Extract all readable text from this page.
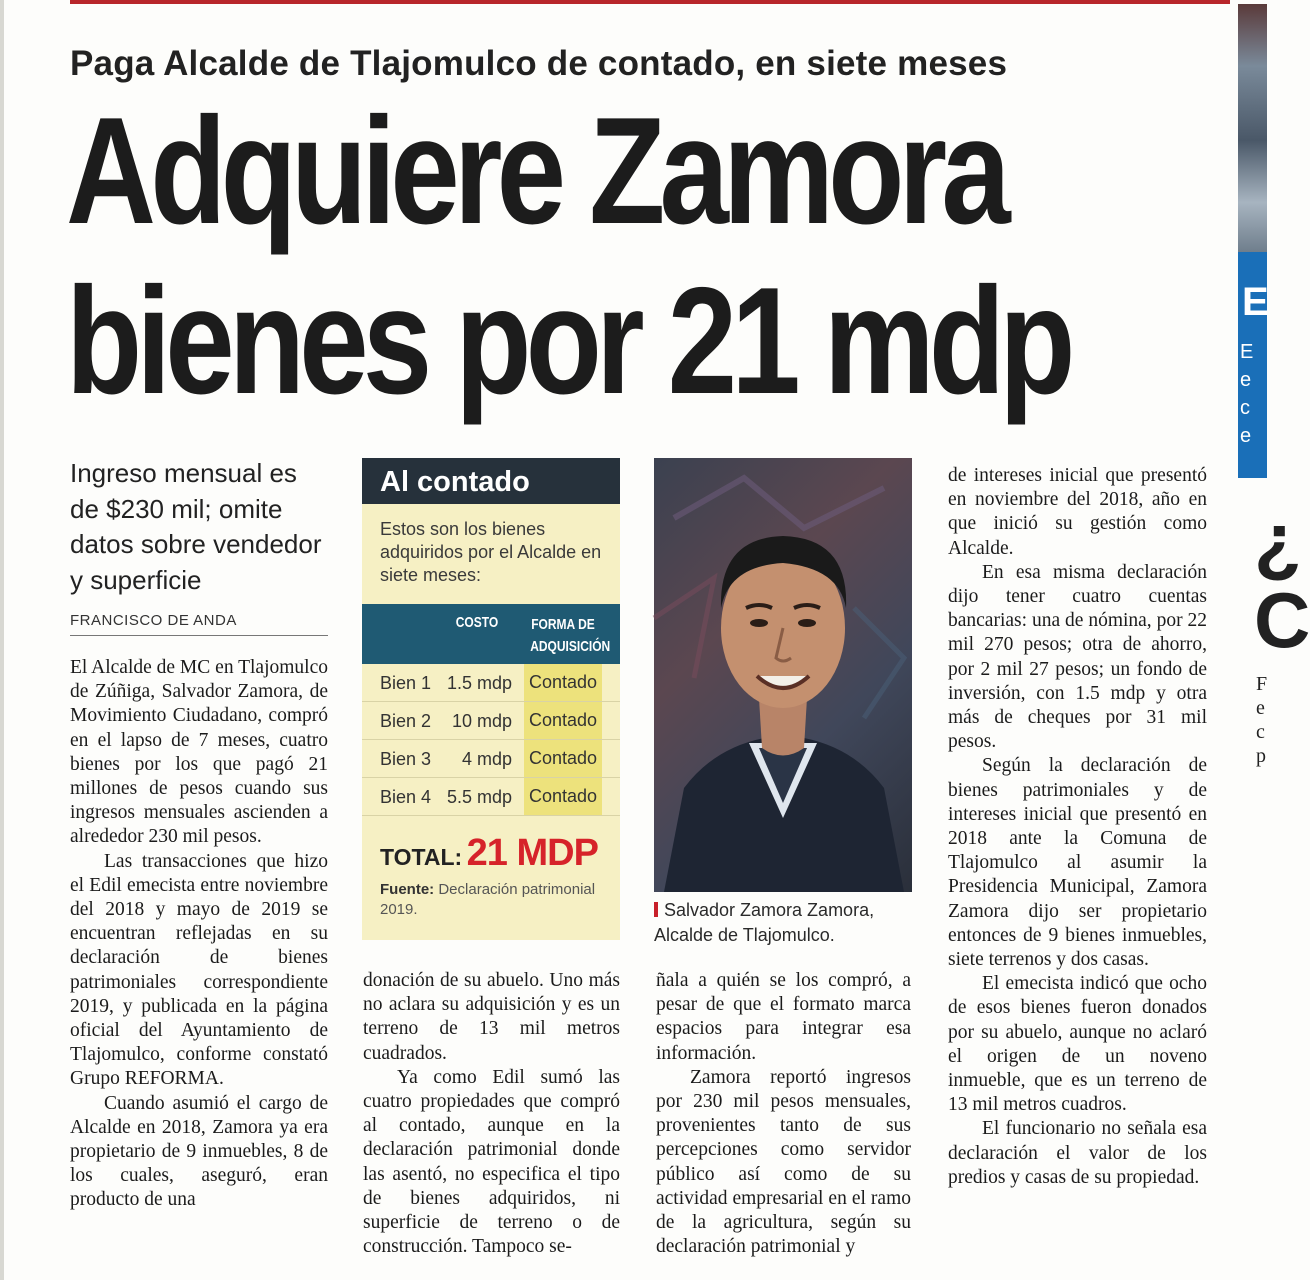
Paga Alcalde de Tlajomulco de contado, en siete meses
Adquiere Zamora
bienes por 21 mdp
Ingreso mensual es de $230 mil; omite datos sobre vendedor y superficie
FRANCISCO DE ANDA

El Alcalde de MC en Tlajomulco de Zúñiga, Salvador Zamora, de Movimiento Ciudadano, compró en el lapso de 7 meses, cuatro bienes por los que pagó 21 millones de pesos cuando sus ingresos mensuales ascienden a alrededor 230 mil pesos.

Las transacciones que hizo el Edil emecista entre noviembre del 2018 y mayo de 2019 se encuentran reflejadas en su declaración de bienes patrimoniales correspondiente 2019, y publicada en la página oficial del Ayuntamiento de Tlajomulco, conforme constató Grupo REFORMA.

Cuando asumió el cargo de Alcalde en 2018, Zamora ya era propietario de 9 inmuebles, 8 de los cuales, aseguró, eran producto de una

Al contado
Estos son los bienes adquiridos por el Alcalde en siete meses:
COSTO	FORMA DE ADQUISICIÓN
Bien 1 1.5 mdp Contado
Bien 2	10 mdp Contado
Bien 3	4 mdp Contado
Bien 4 5.5 mdp Contado
TOTAL: 21 MDP
Fuente: Declaración patrimonial 2019.	Salvador Zamora Zamora, Alcalde de Tlajomulco.

donación de su abuelo. Uno más no aclara su adquisición y es un terreno de 13 mil metros cuadrados.

Ya como Edil sumó las cuatro propiedades que compró al contado, aunque en la declaración patrimonial donde las asentó, no especifica el tipo de bienes adquiridos, ni superficie de terreno o de construcción. Tampoco se-

ñala a quién se los compró, a pesar de que el formato marca espacios para integrar esa información.

Zamora reportó ingresos por 230 mil pesos mensuales, provenientes tanto de sus percepciones como servidor público así como de su actividad empresarial en el ramo de la agricultura, según su declaración patrimonial y

de intereses inicial que presentó en noviembre del 2018, año en que inició su gestión como Alcalde.

En esa misma declaración dijo tener cuatro cuentas bancarias: una de nómina, por 22 mil 270 pesos; otra de ahorro, por 2 mil 27 pesos; un fondo de inversión, con 1.5 mdp y otra más de cheques por 31 mil pesos.

Según la declaración de bienes patrimoniales y de intereses inicial que presentó en 2018 ante la Comuna de Tlajomulco al asumir la Presidencia Municipal, Zamora Zamora dijo ser propietario entonces de 9 bienes inmuebles, siete terrenos y dos casas.

El emecista indicó que ocho de esos bienes fueron donados por su abuelo, aunque no aclaró el origen de un noveno inmueble, que es un terreno de 13 mil metros cuadros.

El funcionario no señala esa declaración el valor de los predios y casas de su propiedad.

E
E
e
c
e
¿ C
F
e
c
p
